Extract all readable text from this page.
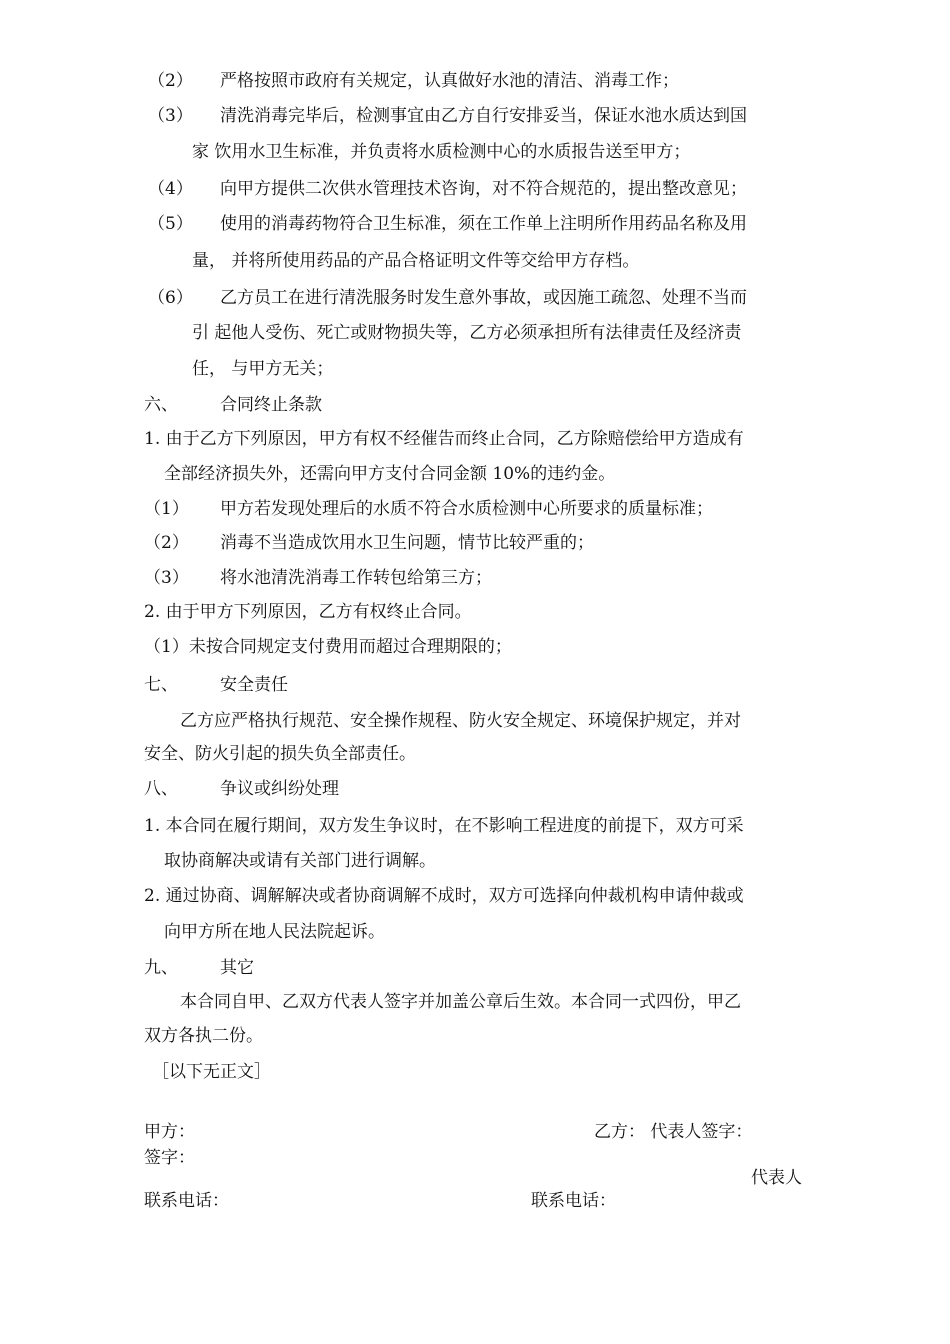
（2） 严格按照市政府有关规定，认真做好水池的清洁、消毒工作；
（3） 清洗消毒完毕后，检测事宜由乙方自行安排妥当，保证水池水质达到国
家 饮用水卫生标准，并负责将水质检测中心的水质报告送至甲方；
（4） 向甲方提供二次供水管理技术咨询，对不符合规范的，提出整改意见；
（5） 使用的消毒药物符合卫生标准，须在工作单上注明所作用药品名称及用
量， 并将所使用药品的产品合格证明文件等交给甲方存档。
（6） 乙方员工在进行清洗服务时发生意外事故，或因施工疏忽、处理不当而
引 起他人受伤、死亡或财物损失等，乙方必须承担所有法律责任及经济责
任， 与甲方无关；
六、 合同终止条款
1. 由于乙方下列原因，甲方有权不经催告而终止合同，乙方除赔偿给甲方造成有
全部经济损失外，还需向甲方支付合同金额 10%的违约金。
（1） 甲方若发现处理后的水质不符合水质检测中心所要求的质量标准；
（2） 消毒不当造成饮用水卫生问题，情节比较严重的；
（3） 将水池清洗消毒工作转包给第三方；
2. 由于甲方下列原因，乙方有权终止合同。
（1）未按合同规定支付费用而超过合理期限的；
七、 安全责任
乙方应严格执行规范、安全操作规程、防火安全规定、环境保护规定，并对
安全、防火引起的损失负全部责任。
八、 争议或纠纷处理
1. 本合同在履行期间，双方发生争议时，在不影响工程进度的前提下，双方可采
取协商解决或请有关部门进行调解。
2. 通过协商、调解解决或者协商调解不成时，双方可选择向仲裁机构申请仲裁或
向甲方所在地人民法院起诉。
九、 其它
本合同自甲、乙双方代表人签字并加盖公章后生效。本合同一式四份，甲乙
双方各执二份。
［以下无正文］
甲方：	乙方： 代表人签字：
签字：
代表人
联系电话：	联系电话：
